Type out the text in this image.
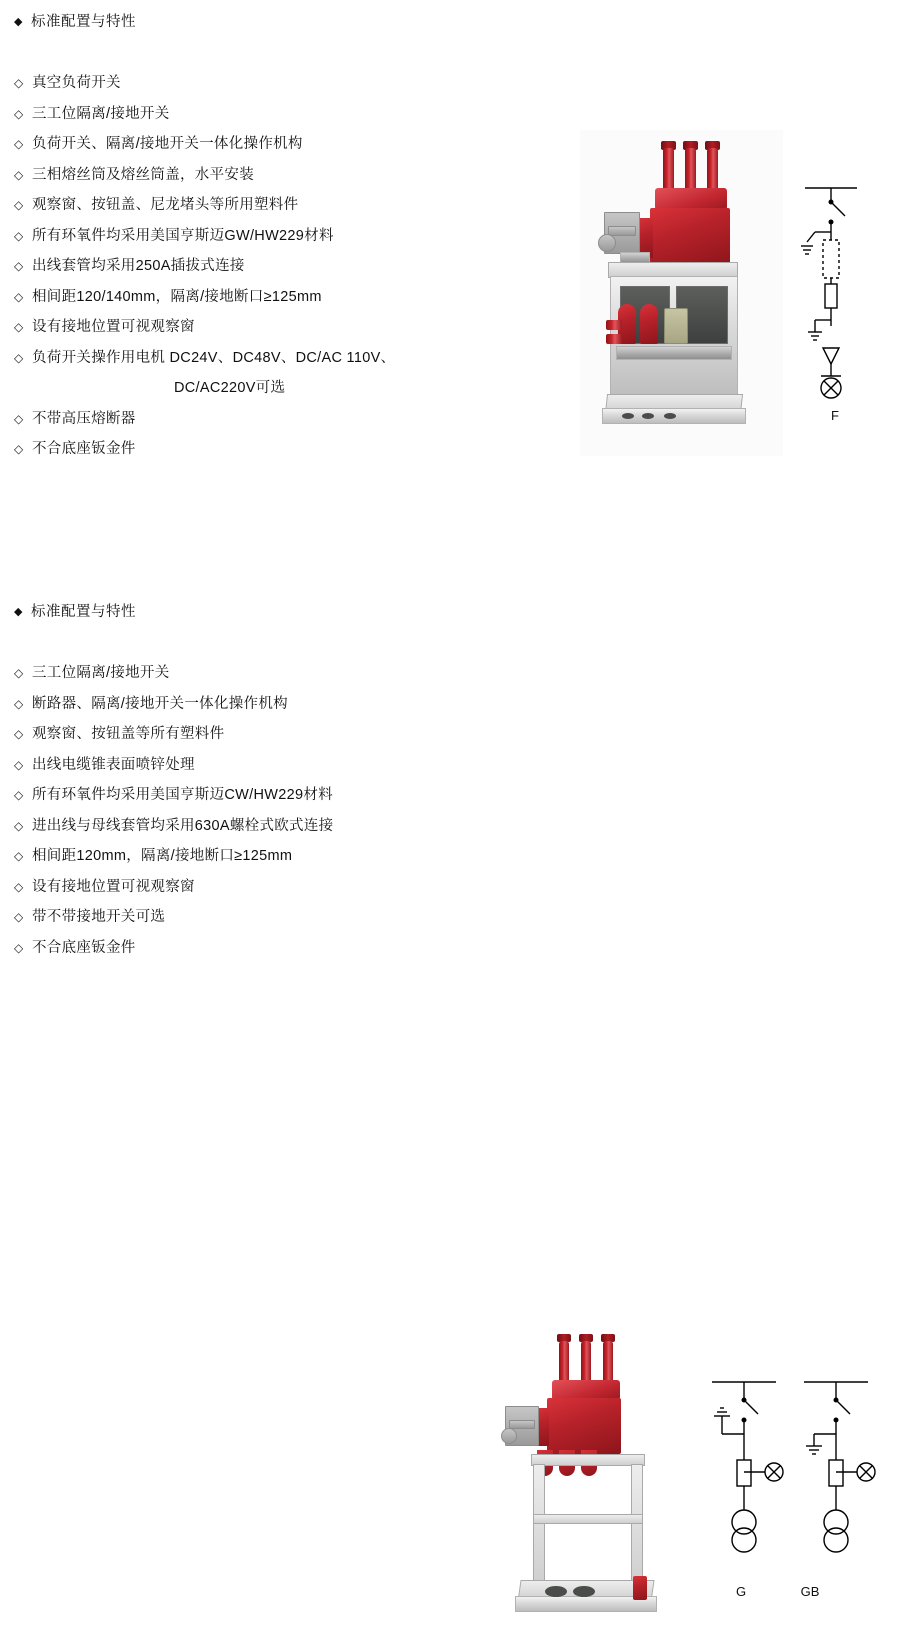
◆ 标准配置与特性
◇ 真空负荷开关
◇ 三工位隔离/接地开关
◇ 负荷开关、隔离/接地开关一体化操作机构
◇ 三相熔丝筒及熔丝筒盖，水平安装
◇ 观察窗、按钮盖、尼龙堵头等所用塑料件
◇ 所有环氧件均采用美国亨斯迈GW/HW229材料
◇ 出线套管均采用250A插拔式连接
◇ 相间距120/140mm，隔离/接地断口≥125mm
◇ 设有接地位置可视观察窗
◇ 负荷开关操作用电机 DC24V、DC48V、DC/AC 110V、
DC/AC220V可选
◇ 不带高压熔断器
◇ 不合底座钣金件
F
◆ 标准配置与特性
◇ 三工位隔离/接地开关
◇ 断路器、隔离/接地开关一体化操作机构
◇ 观察窗、按钮盖等所有塑料件
◇ 出线电缆锥表面喷锌处理
◇ 所有环氧件均采用美国亨斯迈CW/HW229材料
◇ 进出线与母线套管均采用630A螺栓式欧式连接
◇ 相间距120mm，隔离/接地断口≥125mm
◇ 设有接地位置可视观察窗
◇ 带不带接地开关可选
◇ 不合底座钣金件
G	GB
